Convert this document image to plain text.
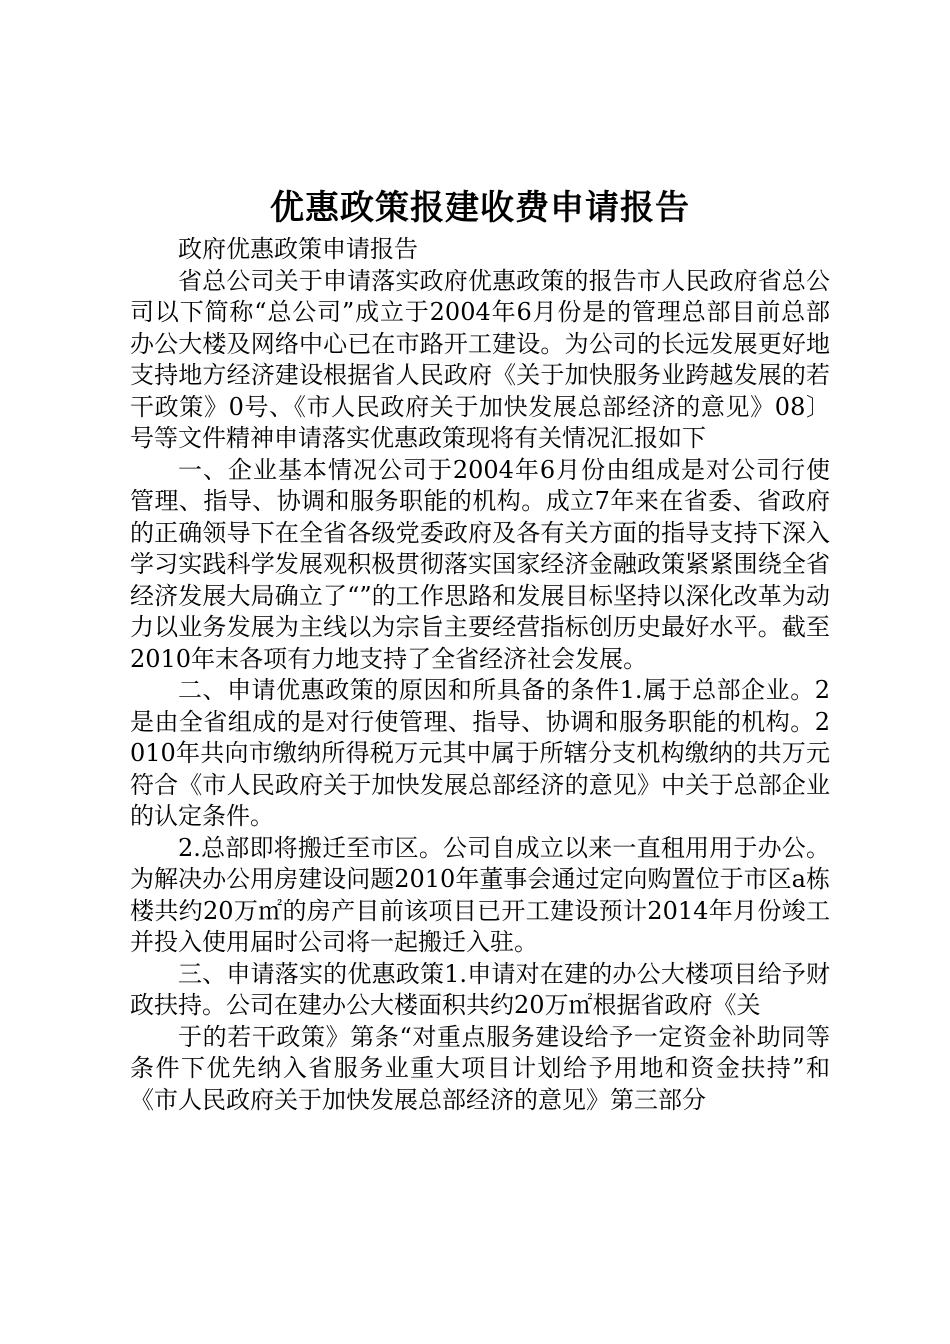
优惠政策报建收费申请报告

政府优惠政策申请报告

省总公司关于申请落实政府优惠政策的报告市人民政府省总公司以下简称“总公司”成立于2004年6月份是的管理总部目前总部办公大楼及网络中心已在市路开工建设。为公司的长远发展更好地支持地方经济建设根据省人民政府《关于加快服务业跨越发展的若干政策》0号、《市人民政府关于加快发展总部经济的意见》08〕号等文件精神申请落实优惠政策现将有关情况汇报如下

一、企业基本情况公司于2004年6月份由组成是对公司行使管理、指导、协调和服务职能的机构。成立7年来在省委、省政府的正确领导下在全省各级党委政府及各有关方面的指导支持下深入学习实践科学发展观积极贯彻落实国家经济金融政策紧紧围绕全省经济发展大局确立了“”的工作思路和发展目标坚持以深化改革为动力以业务发展为主线以为宗旨主要经营指标创历史最好水平。截至2010年末各项有力地支持了全省经济社会发展。

二、申请优惠政策的原因和所具备的条件1.属于总部企业。2是由全省组成的是对行使管理、指导、协调和服务职能的机构。2010年共向市缴纳所得税万元其中属于所辖分支机构缴纳的共万元符合《市人民政府关于加快发展总部经济的意见》中关于总部企业的认定条件。

2.总部即将搬迁至市区。公司自成立以来一直租用用于办公。为解决办公用房建设问题2010年董事会通过定向购置位于市区a栋楼共约20万㎡的房产目前该项目已开工建设预计2014年月份竣工并投入使用届时公司将一起搬迁入驻。

三、申请落实的优惠政策1.申请对在建的办公大楼项目给予财政扶持。公司在建办公大楼面积共约20万㎡根据省政府《关

于的若干政策》第条“对重点服务建设给予一定资金补助同等条件下优先纳入省服务业重大项目计划给予用地和资金扶持”和《市人民政府关于加快发展总部经济的意见》第三部分
